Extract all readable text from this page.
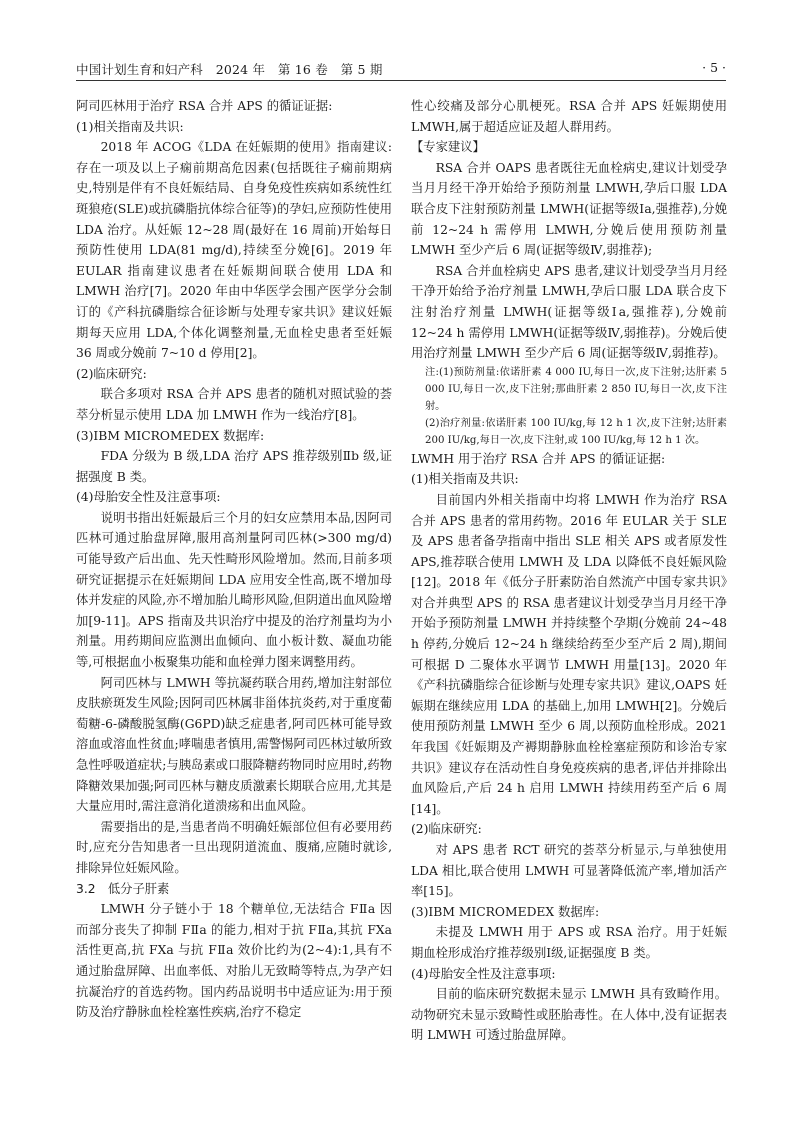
中国计划生育和妇产科　2024 年　第 16 卷　第 5 期	· 5 ·

阿司匹林用于治疗 RSA 合并 APS 的循证证据:

(1)相关指南及共识:

2018 年 ACOG《LDA 在妊娠期的使用》指南建议:存在一项及以上子痫前期高危因素(包括既往子痫前期病史,特别是伴有不良妊娠结局、自身免疫性疾病如系统性红斑狼疮(SLE)或抗磷脂抗体综合征等)的孕妇,应预防性使用 LDA 治疗。从妊娠 12~28 周(最好在 16 周前)开始每日预防性使用 LDA(81 mg/d),持续至分娩[6]。2019 年 EULAR 指南建议患者在妊娠期间联合使用 LDA 和 LMWH 治疗[7]。2020 年由中华医学会围产医学分会制订的《产科抗磷脂综合征诊断与处理专家共识》建议妊娠期每天应用 LDA,个体化调整剂量,无血栓史患者至妊娠 36 周或分娩前 7~10 d 停用[2]。

(2)临床研究:

联合多项对 RSA 合并 APS 患者的随机对照试验的荟萃分析显示使用 LDA 加 LMWH 作为一线治疗[8]。

(3)IBM MICROMEDEX 数据库:

FDA 分级为 B 级,LDA 治疗 APS 推荐级别Ⅱb 级,证据强度 B 类。

(4)母胎安全性及注意事项:

说明书指出妊娠最后三个月的妇女应禁用本品,因阿司匹林可通过胎盘屏障,服用高剂量阿司匹林(>300 mg/d)可能导致产后出血、先天性畸形风险增加。然而,目前多项研究证据提示在妊娠期间 LDA 应用安全性高,既不增加母体并发症的风险,亦不增加胎儿畸形风险,但阴道出血风险增加[9-11]。APS 指南及共识治疗中提及的治疗剂量均为小剂量。用药期间应监测出血倾向、血小板计数、凝血功能等,可根据血小板聚集功能和血栓弹力图来调整用药。

阿司匹林与 LMWH 等抗凝药联合用药,增加注射部位皮肤瘀斑发生风险;因阿司匹林属非甾体抗炎药,对于重度葡萄糖-6-磷酸脱氢酶(G6PD)缺乏症患者,阿司匹林可能导致溶血或溶血性贫血;哮喘患者慎用,需警惕阿司匹林过敏所致急性呼吸道症状;与胰岛素或口服降糖药物同时应用时,药物降糖效果加强;阿司匹林与糖皮质激素长期联合应用,尤其是大量应用时,需注意消化道溃疡和出血风险。

需要指出的是,当患者尚不明确妊娠部位但有必要用药时,应充分告知患者一旦出现阴道流血、腹痛,应随时就诊,排除异位妊娠风险。

3.2　低分子肝素

LMWH 分子链小于 18 个糖单位,无法结合 FⅡa 因而部分丧失了抑制 FⅡa 的能力,相对于抗 FⅡa,其抗 FXa 活性更高,抗 FXa 与抗 FⅡa 效价比约为(2~4):1,具有不通过胎盘屏障、出血率低、对胎儿无致畸等特点,为孕产妇抗凝治疗的首选药物。国内药品说明书中适应证为:用于预防及治疗静脉血栓栓塞性疾病,治疗不稳定

性心绞痛及部分心肌梗死。RSA 合并 APS 妊娠期使用 LMWH,属于超适应证及超人群用药。

【专家建议】

RSA 合并 OAPS 患者既往无血栓病史,建议计划受孕当月月经干净开始给予预防剂量 LMWH,孕后口服 LDA 联合皮下注射预防剂量 LMWH(证据等级Ⅰa,强推荐),分娩前 12~24 h 需停用 LMWH,分娩后使用预防剂量 LMWH 至少产后 6 周(证据等级Ⅳ,弱推荐);

RSA 合并血栓病史 APS 患者,建议计划受孕当月月经干净开始给予治疗剂量 LMWH,孕后口服 LDA 联合皮下注射治疗剂量 LMWH(证据等级Ⅰa,强推荐),分娩前 12~24 h 需停用 LMWH(证据等级Ⅳ,弱推荐)。分娩后使用治疗剂量 LMWH 至少产后 6 周(证据等级Ⅳ,弱推荐)。

注:(1)预防剂量:依诺肝素 4 000 IU,每日一次,皮下注射;达肝素 5 000 IU,每日一次,皮下注射;那曲肝素 2 850 IU,每日一次,皮下注射。

(2)治疗剂量:依诺肝素 100 IU/kg,每 12 h 1 次,皮下注射;达肝素 200 IU/kg,每日一次,皮下注射,或 100 IU/kg,每 12 h 1 次。

LWMH 用于治疗 RSA 合并 APS 的循证证据:

(1)相关指南及共识:

目前国内外相关指南中均将 LMWH 作为治疗 RSA 合并 APS 患者的常用药物。2016 年 EULAR 关于 SLE 及 APS 患者备孕指南中指出 SLE 相关 APS 或者原发性 APS,推荐联合使用 LMWH 及 LDA 以降低不良妊娠风险[12]。2018 年《低分子肝素防治自然流产中国专家共识》对合并典型 APS 的 RSA 患者建议计划受孕当月月经干净开始予预防剂量 LMWH 并持续整个孕期(分娩前 24~48 h 停药,分娩后 12~24 h 继续给药至少至产后 2 周),期间可根据 D 二聚体水平调节 LMWH 用量[13]。2020 年《产科抗磷脂综合征诊断与处理专家共识》建议,OAPS 妊娠期在继续应用 LDA 的基础上,加用 LMWH[2]。分娩后使用预防剂量 LMWH 至少 6 周,以预防血栓形成。2021 年我国《妊娠期及产褥期静脉血栓栓塞症预防和诊治专家共识》建议存在活动性自身免疫疾病的患者,评估并排除出血风险后,产后 24 h 启用 LMWH 持续用药至产后 6 周[14]。

(2)临床研究:

对 APS 患者 RCT 研究的荟萃分析显示,与单独使用 LDA 相比,联合使用 LMWH 可显著降低流产率,增加活产率[15]。

(3)IBM MICROMEDEX 数据库:

未提及 LMWH 用于 APS 或 RSA 治疗。用于妊娠期血栓形成治疗推荐级别Ⅰ级,证据强度 B 类。

(4)母胎安全性及注意事项:

目前的临床研究数据未显示 LMWH 具有致畸作用。动物研究未显示致畸性或胚胎毒性。在人体中,没有证据表明 LMWH 可透过胎盘屏障。
